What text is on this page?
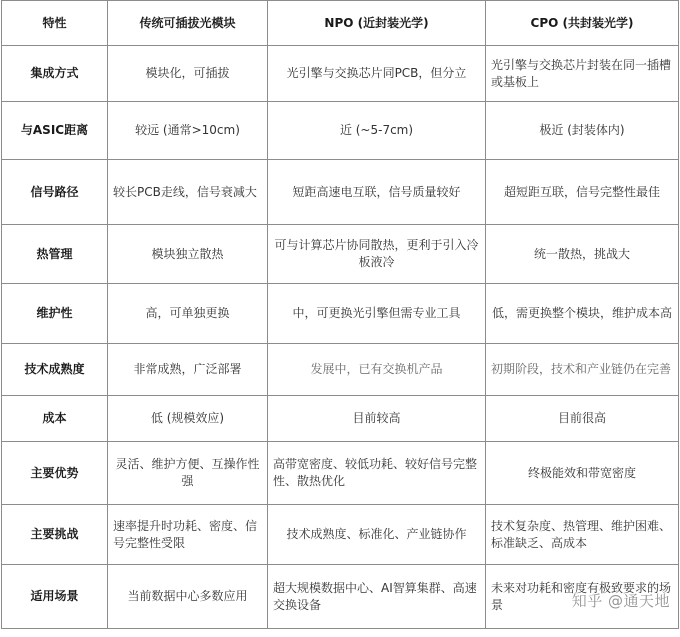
特性	传统可插拔光模块	NPO (近封装光学)	CPO (共封装光学)
集成方式	模块化，可插拔	光引擎与交换芯片同PCB，但分立	光引擎与交换芯片封装在同一插槽或基板上
与ASIC距离	较远 (通常>10cm)	近 (~5-7cm)	极近 (封装体内)
信号路径	较长PCB走线，信号衰减大	短距高速电互联，信号质量较好	超短距互联，信号完整性最佳
热管理	模块独立散热	可与计算芯片协同散热，更利于引入冷板液冷	统一散热，挑战大
维护性	高，可单独更换	中，可更换光引擎但需专业工具	低，需更换整个模块，维护成本高
技术成熟度	非常成熟，广泛部署	发展中，已有交换机产品	初期阶段，技术和产业链仍在完善
成本	低 (规模效应)	目前较高	目前很高
主要优势	灵活、维护方便、互操作性强	高带宽密度、较低功耗、较好信号完整性、散热优化	终极能效和带宽密度
主要挑战	速率提升时功耗、密度、信号完整性受限	技术成熟度、标准化、产业链协作	技术复杂度、热管理、维护困难、标准缺乏、高成本
适用场景	当前数据中心多数应用	超大规模数据中心、AI智算集群、高速交换设备	未来对功耗和密度有极致要求的场景	知乎 @通天地
